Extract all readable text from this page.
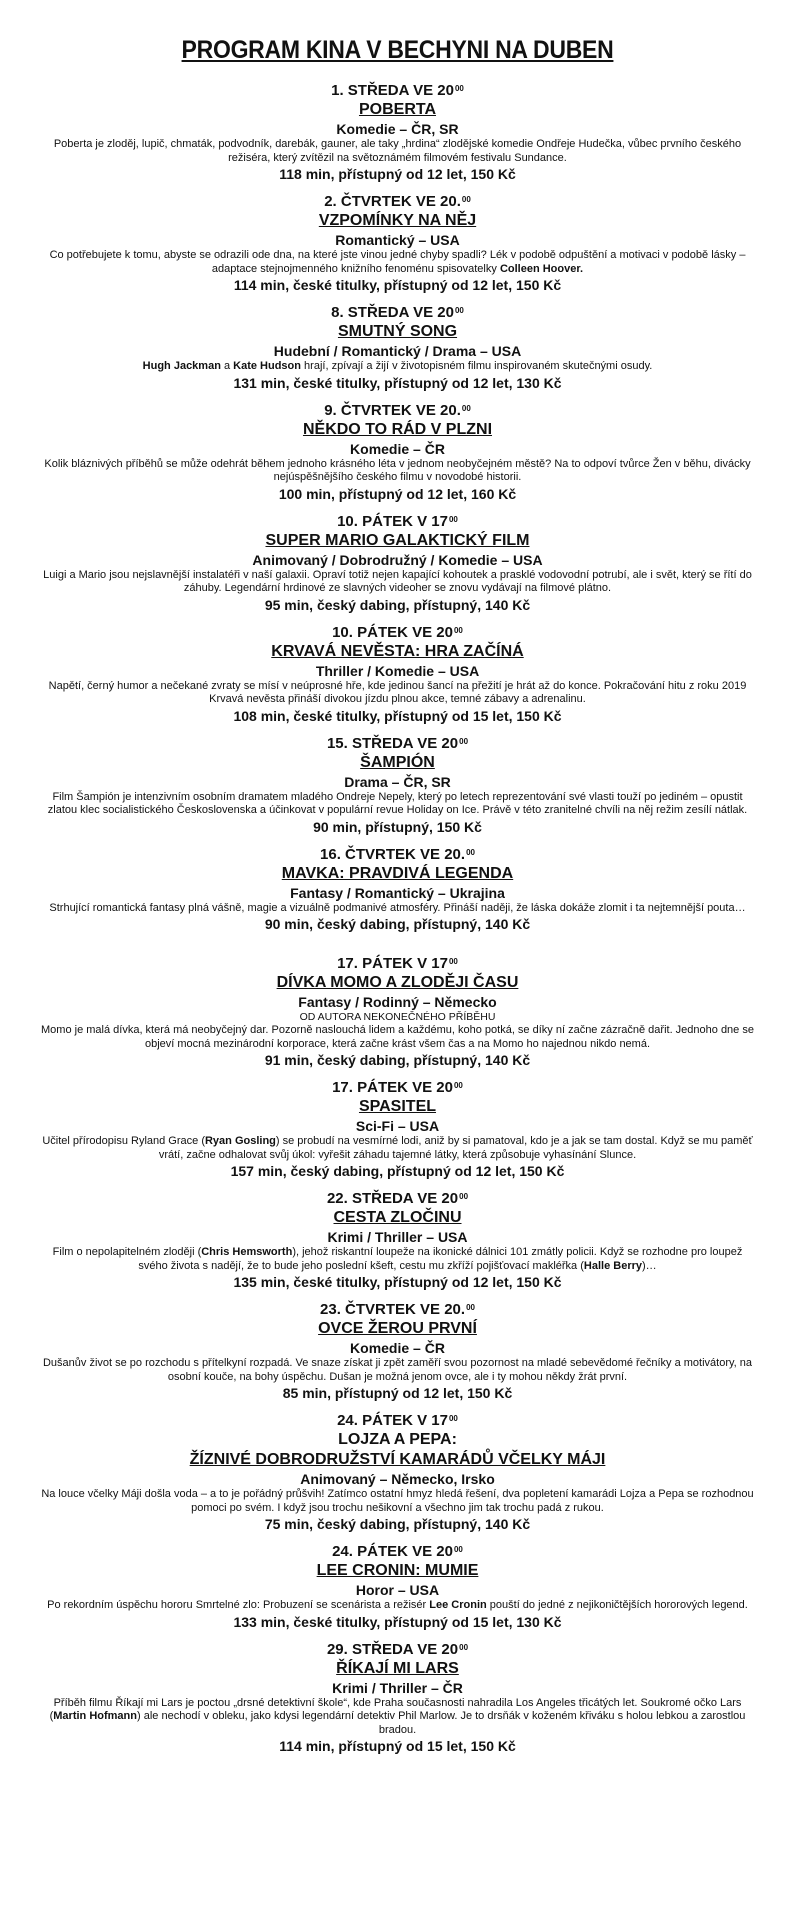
PROGRAM KINA V BECHYNI NA DUBEN
1. STŘEDA VE $20^{00}$
POBERTA
Komedie – ČR, SR
Poberta je zloděj, lupič, chmaták, podvodník, darebák, gauner, ale taky „hrdina“ zlodějské komedie Ondřeje Hudečka, vůbec prvního českého režiséra, který zvítězil na světoznámém filmovém festivalu Sundance.
118 min, přístupný od 12 let, 150 Kč
2. ČTVRTEK VE 20.00
VZPOMÍNKY NA NĚJ
Romantický – USA
Co potřebujete k tomu, abyste se odrazili ode dna, na které jste vinou jedné chyby spadli? Lék v podobě odpuštění a motivaci v podobě lásky – adaptace stejnojmenného knižního fenoménu spisovatelky Colleen Hoover.
114 min, české titulky, přístupný od 12 let, 150 Kč
8. STŘEDA VE $20^{00}$
SMUTNÝ SONG
Hudební / Romantický / Drama – USA
Hugh Jackman a Kate Hudson hrají, zpívají a žijí v životopisném filmu inspirovaném skutečnými osudy.
131 min, české titulky, přístupný od 12 let, 130 Kč
9. ČTVRTEK VE 20.00
NĚKDO TO RÁD V PLZNI
Komedie – ČR
Kolik bláznivých příběhů se může odehrát během jednoho krásného léta v jednom neobyčejném městě? Na to odpoví tvůrce Žen v běhu, divácky nejúspěšnějšího českého filmu v novodobé historii.
100 min, přístupný od 12 let, 160 Kč
10. PÁTEK V $17^{00}$
SUPER MARIO GALAKTICKÝ FILM
Animovaný / Dobrodružný / Komedie – USA
Luigi a Mario jsou nejslavnější instalatéři v naší galaxii. Opraví totiž nejen kapající kohoutek a prasklé vodovodní potrubí, ale i svět, který se řítí do záhuby. Legendární hrdinové ze slavných videoher se znovu vydávají na filmové plátno.
95 min, český dabing, přístupný, 140 Kč
10. PÁTEK VE $20^{00}$
KRVAVÁ NEVĚSTA: HRA ZAČÍNÁ
Thriller / Komedie – USA
Napětí, černý humor a nečekané zvraty se mísí v neúprosné hře, kde jedinou šancí na přežití je hrát až do konce. Pokračování hitu z roku 2019 Krvavá nevěsta přináší divokou jízdu plnou akce, temné zábavy a adrenalinu.
108 min, české titulky, přístupný od 15 let, 150 Kč
15. STŘEDA VE $20^{00}$
ŠAMPIÓN
Drama – ČR, SR
Film Šampión je intenzivním osobním dramatem mladého Ondreje Nepely, který po letech reprezentování své vlasti touží po jediném – opustit zlatou klec socialistického Československa a účinkovat v populární revue Holiday on Ice. Právě v této zranitelné chvíli na něj režim zesílí nátlak.
90 min, přístupný, 150 Kč
16. ČTVRTEK VE 20.00
MAVKA: PRAVDIVÁ LEGENDA
Fantasy / Romantický – Ukrajina
Strhující romantická fantasy plná vášně, magie a vizuálně podmanivé atmosféry. Přináší naději, že láska dokáže zlomit i ta nejtemnější pouta…
90 min, český dabing, přístupný, 140 Kč
17. PÁTEK V $17^{00}$
DÍVKA MOMO A ZLODĚJI ČASU
Fantasy / Rodinný – Německo
OD AUTORA NEKONEČNÉHO PŘÍBĚHU
Momo je malá dívka, která má neobyčejný dar. Pozorně naslouchá lidem a každému, koho potká, se díky ní začne zázračně dařit. Jednoho dne se objeví mocná mezinárodní korporace, která začne krást všem čas a na Momo ho najednou nikdo nemá.
91 min, český dabing, přístupný, 140 Kč
17. PÁTEK VE $20^{00}$
SPASITEL
Sci-Fi – USA
Učitel přírodopisu Ryland Grace (Ryan Gosling) se probudí na vesmírné lodi, aniž by si pamatoval, kdo je a jak se tam dostal. Když se mu paměť vrátí, začne odhalovat svůj úkol: vyřešit záhadu tajemné látky, která způsobuje vyhasínání Slunce.
157 min, český dabing, přístupný od 12 let, 150 Kč
22. STŘEDA VE $20^{00}$
CESTA ZLOČINU
Krimi / Thriller – USA
Film o nepolapitelném zloději (Chris Hemsworth), jehož riskantní loupeže na ikonické dálnici 101 zmátly policii. Když se rozhodne pro loupež svého života s nadějí, že to bude jeho poslední kšeft, cestu mu zkříží pojišťovací makléřka (Halle Berry)…
135 min, české titulky, přístupný od 12 let, 150 Kč
23. ČTVRTEK VE 20.00
OVCE ŽEROU PRVNÍ
Komedie – ČR
Dušanův život se po rozchodu s přítelkyní rozpadá. Ve snaze získat ji zpět zaměří svou pozornost na mladé sebevědomé řečníky a motivátory, na osobní kouče, na bohy úspěchu. Dušan je možná jenom ovce, ale i ty mohou někdy žrát první.
85 min, přístupný od 12 let, 150 Kč
24. PÁTEK V $17^{00}$
LOJZA A PEPA:
ŽÍZNIVÉ DOBRODRUŽSTVÍ KAMARÁDŮ VČELKY MÁJI
Animovaný – Německo, Irsko
Na louce včelky Máji došla voda – a to je pořádný průšvih! Zatímco ostatní hmyz hledá řešení, dva popletení kamarádi Lojza a Pepa se rozhodnou pomoci po svém. I když jsou trochu nešikovní a všechno jim tak trochu padá z rukou.
75 min, český dabing, přístupný, 140 Kč
24. PÁTEK VE $20^{00}$
LEE CRONIN: MUMIE
Horor – USA
Po rekordním úspěchu hororu Smrtelné zlo: Probuzení se scenárista a režisér Lee Cronin pouští do jedné z nejikoničtějších hororových legend.
133 min, české titulky, přístupný od 15 let, 130 Kč
29. STŘEDA VE $20^{00}$
ŘÍKAJÍ MI LARS
Krimi / Thriller – ČR
Příběh filmu Říkají mi Lars je poctou „drsné detektivní škole“, kde Praha současnosti nahradila Los Angeles třicátých let. Soukromé očko Lars (Martin Hofmann) ale nechodí v obleku, jako kdysi legendární detektiv Phil Marlow. Je to drsňák v koženém křiváku s holou lebkou a zarostlou bradou.
114 min, přístupný od 15 let, 150 Kč
